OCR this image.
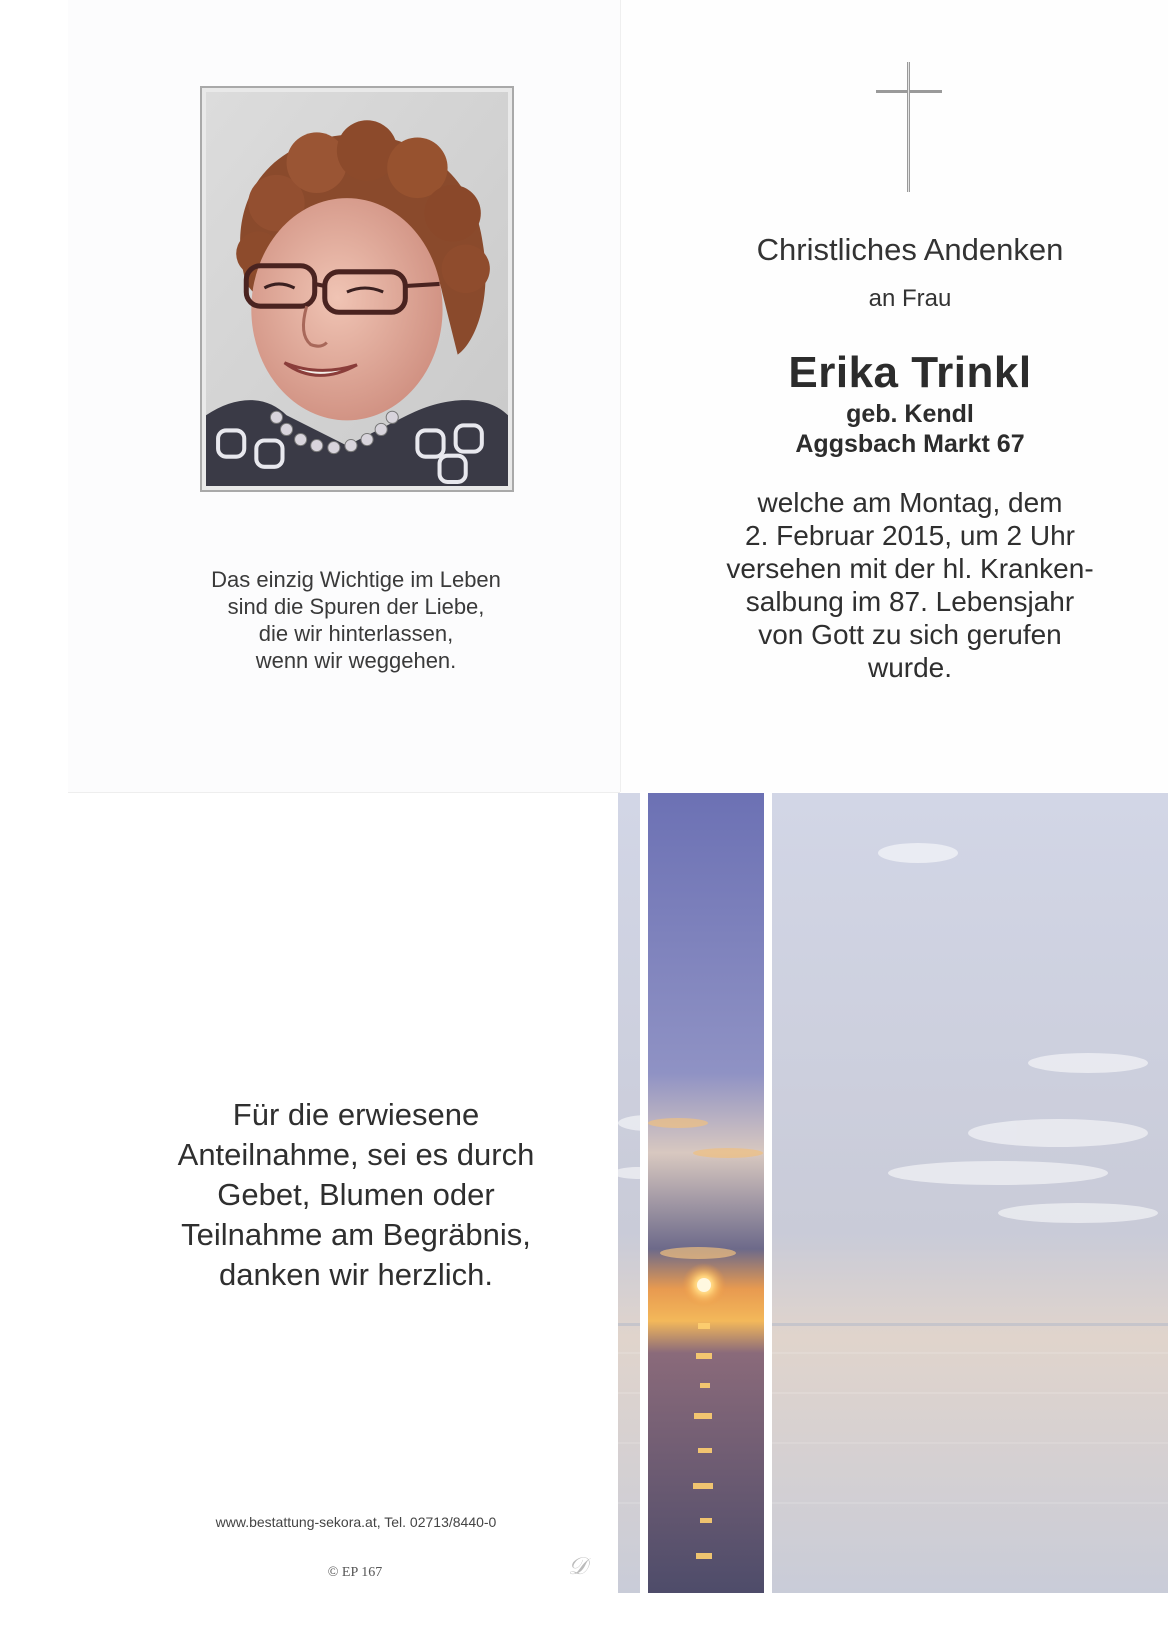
Das einzig Wichtige im Leben
sind die Spuren der Liebe,
die wir hinterlassen,
wenn wir weggehen.
Christliches Andenken
an Frau
Erika Trinkl
geb. Kendl
Aggsbach Markt 67
welche am Montag, dem
2. Februar 2015, um 2 Uhr
versehen mit der hl. Kranken-
salbung im 87. Lebensjahr
von Gott zu sich gerufen
wurde.
Für die erwiesene
Anteilnahme, sei es durch
Gebet, Blumen oder
Teilnahme am Begräbnis,
danken wir herzlich.
www.bestattung-sekora.at, Tel. 02713/8440-0
© EP 167	𝒟
